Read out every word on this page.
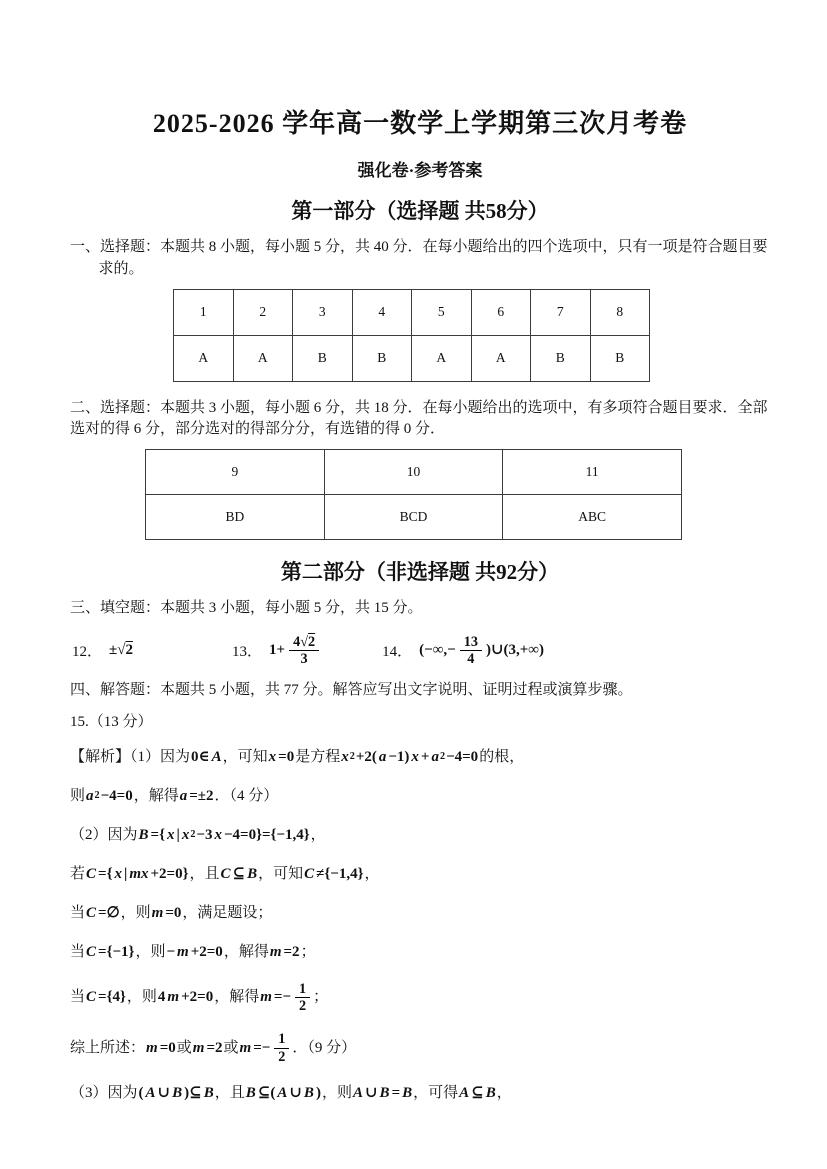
2025-2026 学年高一数学上学期第三次月考卷
强化卷·参考答案
第一部分（选择题 共58分）

一、选择题：本题共 8 小题，每小题 5 分，共 40 分．在每小题给出的四个选项中，只有一项是符合题目要求的。

1	2	3	4	5	6	7	8
A	A	B	B	A	A	B	B

二、选择题：本题共 3 小题，每小题 6 分，共 18 分．在每小题给出的选项中，有多项符合题目要求．全部选对的得 6 分，部分选对的得部分分，有选错的得 0 分．

9	10	11
BD	BCD	ABC
第二部分（非选择题 共92分）

三、填空题：本题共 3 小题，每小题 5 分，共 15 分。

12． ±√2	13． $1+ \frac{4√2}{3}$	14． (−∞,− $\frac{13}{4}$ )∪(3,+∞)

四、解答题：本题共 5 小题，共 77 分。解答应写出文字说明、证明过程或演算步骤。

15.（13 分）
【解析】（1）因为 0∈ A ，可知 x =0 是方程 x 2 +2( a −1) x + a 2 −4=0 的根，
则 a 2 −4=0 ，解得 a =±2 ．（4 分）
（2）因为 B ={ x | x 2 −3 x −4=0}={−1,4} ，
若 C ={ x | mx +2=0} ，且 C ⊆ B ，可知 C ≠{−1,4} ，
当 C =∅ ，则 m =0 ，满足题设；
当 C ={−1} ，则 − m +2=0 ，解得 m =2 ；
当 C ={4} ，则 4 m +2=0 ，解得 $m =- \frac{1}{2}$ ；
综上所述： m =0 或 m =2 或 $m =- \frac{1}{2}$ ．（9 分）
（3）因为 ( A ∪ B )⊆ B ，且 B ⊆( A ∪ B ) ，则 A ∪ B = B ，可得 A ⊆ B ，
